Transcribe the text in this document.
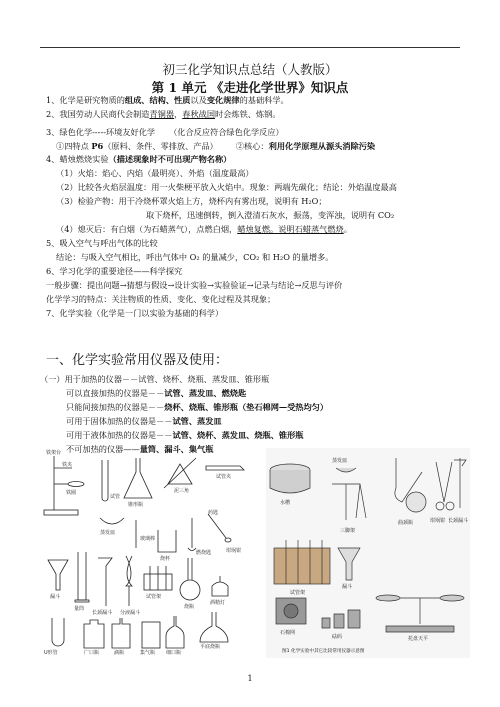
初三化学知识点总结（人教版）
第 1 单元 《走进化学世界》知识点
1、化学是研究物质的组成、结构、性质以及变化规律的基础科学。
2、我国劳动人民商代会制造青铜器，春秋战国时会炼铁、炼钢。
3、绿色化学-----环境友好化学 （化合反应符合绿色化学反应）
①四特点 P6（原料、条件、零排放、产品） ②核心：利用化学原理从源头消除污染
4、蜡烛燃烧实验（描述现象时不可出现产物名称）
（1）火焰：焰心、内焰（最明亮）、外焰（温度最高）
（2）比较各火焰层温度：用一火柴梗平放入火焰中。现象：两端先碳化；结论：外焰温度最高
（3）检验产物：用干冷烧杯罩火焰上方，烧杯内有雾出现，说明有 H₂O；
取下烧杯，迅速倒转，倒入澄清石灰水，振荡，变浑浊，说明有 CO₂
（4）熄灭后：有白烟（为石蜡蒸气），点燃白烟，蜡烛复燃。说明石蜡蒸气燃烧。
5、吸入空气与呼出气体的比较
结论：与吸入空气相比，呼出气体中 O₂ 的量减少，CO₂ 和 H₂O 的量增多。
6、学习化学的重要途径——科学探究
一般步骤：提出问题→猜想与假设→设计实验→实验验证→记录与结论→反思与评价
化学学习的特点：关注物质的性质、变化、变化过程及其现象；
7、化学实验（化学是一门以实验为基础的科学）
一、化学实验常用仪器及使用：
（一）用于加热的仪器－－试管、烧杯、烧瓶、蒸发皿、锥形瓶
可以直接加热的仪器是－－试管、蒸发皿、燃烧匙
只能间接加热的仪器是－－烧杯、烧瓶、锥形瓶（垫石棉网—受热均匀）
可用于固体加热的仪器是－－试管、蒸发皿
可用于液体加热的仪器是－－试管、烧杯、蒸发皿、烧瓶、锥形瓶
不可加热的仪器——量筒、漏斗、集气瓶
铁架台
铁夹
铁圈
试管
锥形瓶
泥三角
试管夹
蒸发皿
玻璃棒
药匙
烧杯
燃烧匙	坩埚钳
漏斗
量筒
长颈漏斗 分液漏斗
试管架
烧瓶
U形管	广口瓶	滴瓶	集气瓶 细口瓶
平底烧瓶
酒精灯
水槽
蒸发皿
三脚架
曲颈瓶	坩埚钳 长颈漏斗
试管架
漏斗
石棉网
砝码	托盘天平
图1 化学实验中其它比较常用仪器示意图
1
